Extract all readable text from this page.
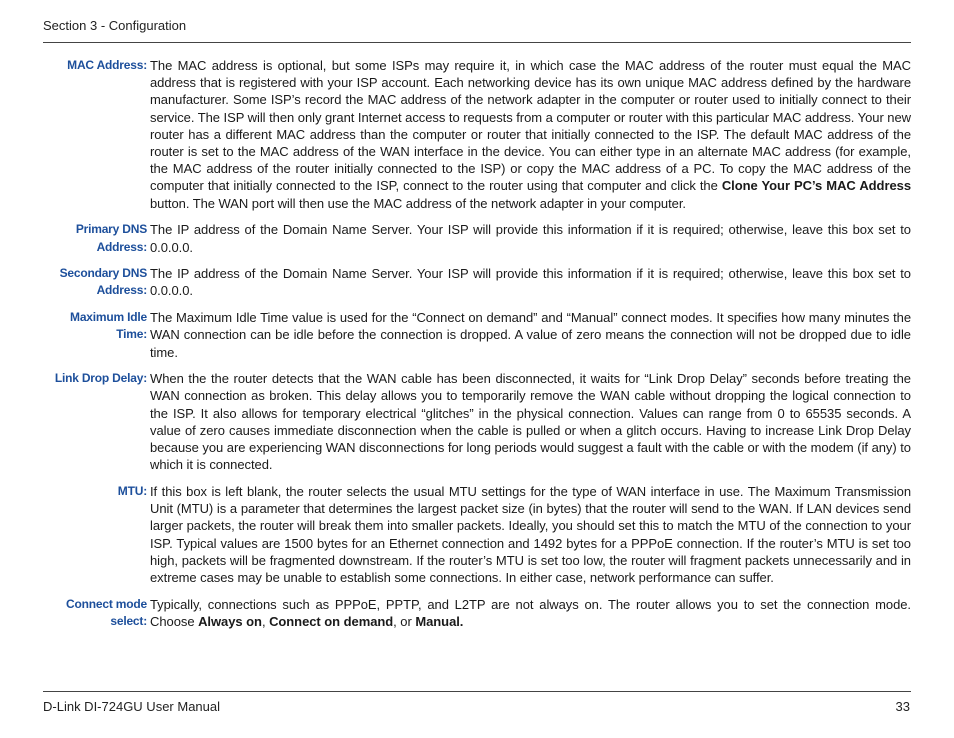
Section 3 - Configuration
MAC Address: The MAC address is optional, but some ISPs may require it, in which case the MAC address of the router must equal the MAC address that is registered with your ISP account. Each networking device has its own unique MAC address defined by the hardware manufacturer. Some ISP’s record the MAC address of the network adapter in the computer or router used to initially connect to their service. The ISP will then only grant Internet access to requests from a computer or router with this particular MAC address. Your new router has a different MAC address than the computer or router that initially connected to the ISP. The default MAC address of the router is set to the MAC address of the WAN interface in the device. You can either type in an alternate MAC address (for example, the MAC address of the router initially connected to the ISP) or copy the MAC address of a PC. To copy the MAC address of the computer that initially connected to the ISP, connect to the router using that computer and click the Clone Your PC’s MAC Address button. The WAN port will then use the MAC address of the network adapter in your computer.
Primary DNS Address:
The IP address of the Domain Name Server. Your ISP will provide this information if it is required; otherwise, leave this box set to 0.0.0.0.
Secondary DNS Address:
The IP address of the Domain Name Server. Your ISP will provide this information if it is required; otherwise, leave this box set to 0.0.0.0.
Maximum Idle Time:
The Maximum Idle Time value is used for the “Connect on demand” and “Manual” connect modes. It specifies how many minutes the WAN connection can be idle before the connection is dropped. A value of zero means the connection will not be dropped due to idle time.
Link Drop Delay: When the the router detects that the WAN cable has been disconnected, it waits for “Link Drop Delay” seconds before treating the WAN connection as broken. This delay allows you to temporarily remove the WAN cable without dropping the logical connection to the ISP. It also allows for temporary electrical “glitches” in the physical connection. Values can range from 0 to 65535 seconds. A value of zero causes immediate disconnection when the cable is pulled or when a glitch occurs. Having to increase Link Drop Delay because you are experiencing WAN disconnections for long periods would suggest a fault with the cable or with the modem (if any) to which it is connected.
MTU: If this box is left blank, the router selects the usual MTU settings for the type of WAN interface in use. The Maximum Transmission Unit (MTU) is a parameter that determines the largest packet size (in bytes) that the router will send to the WAN. If LAN devices send larger packets, the router will break them into smaller packets. Ideally, you should set this to match the MTU of the connection to your ISP. Typical values are 1500 bytes for an Ethernet connection and 1492 bytes for a PPPoE connection. If the router’s MTU is set too high, packets will be fragmented downstream. If the router’s MTU is set too low, the router will fragment packets unnecessarily and in extreme cases may be unable to establish some connections. In either case, network performance can suffer.
Connect mode select:
Typically, connections such as PPPoE, PPTP, and L2TP are not always on. The router allows you to set the connection mode. Choose Always on, Connect on demand, or Manual.
D-Link DI-724GU User Manual	33
